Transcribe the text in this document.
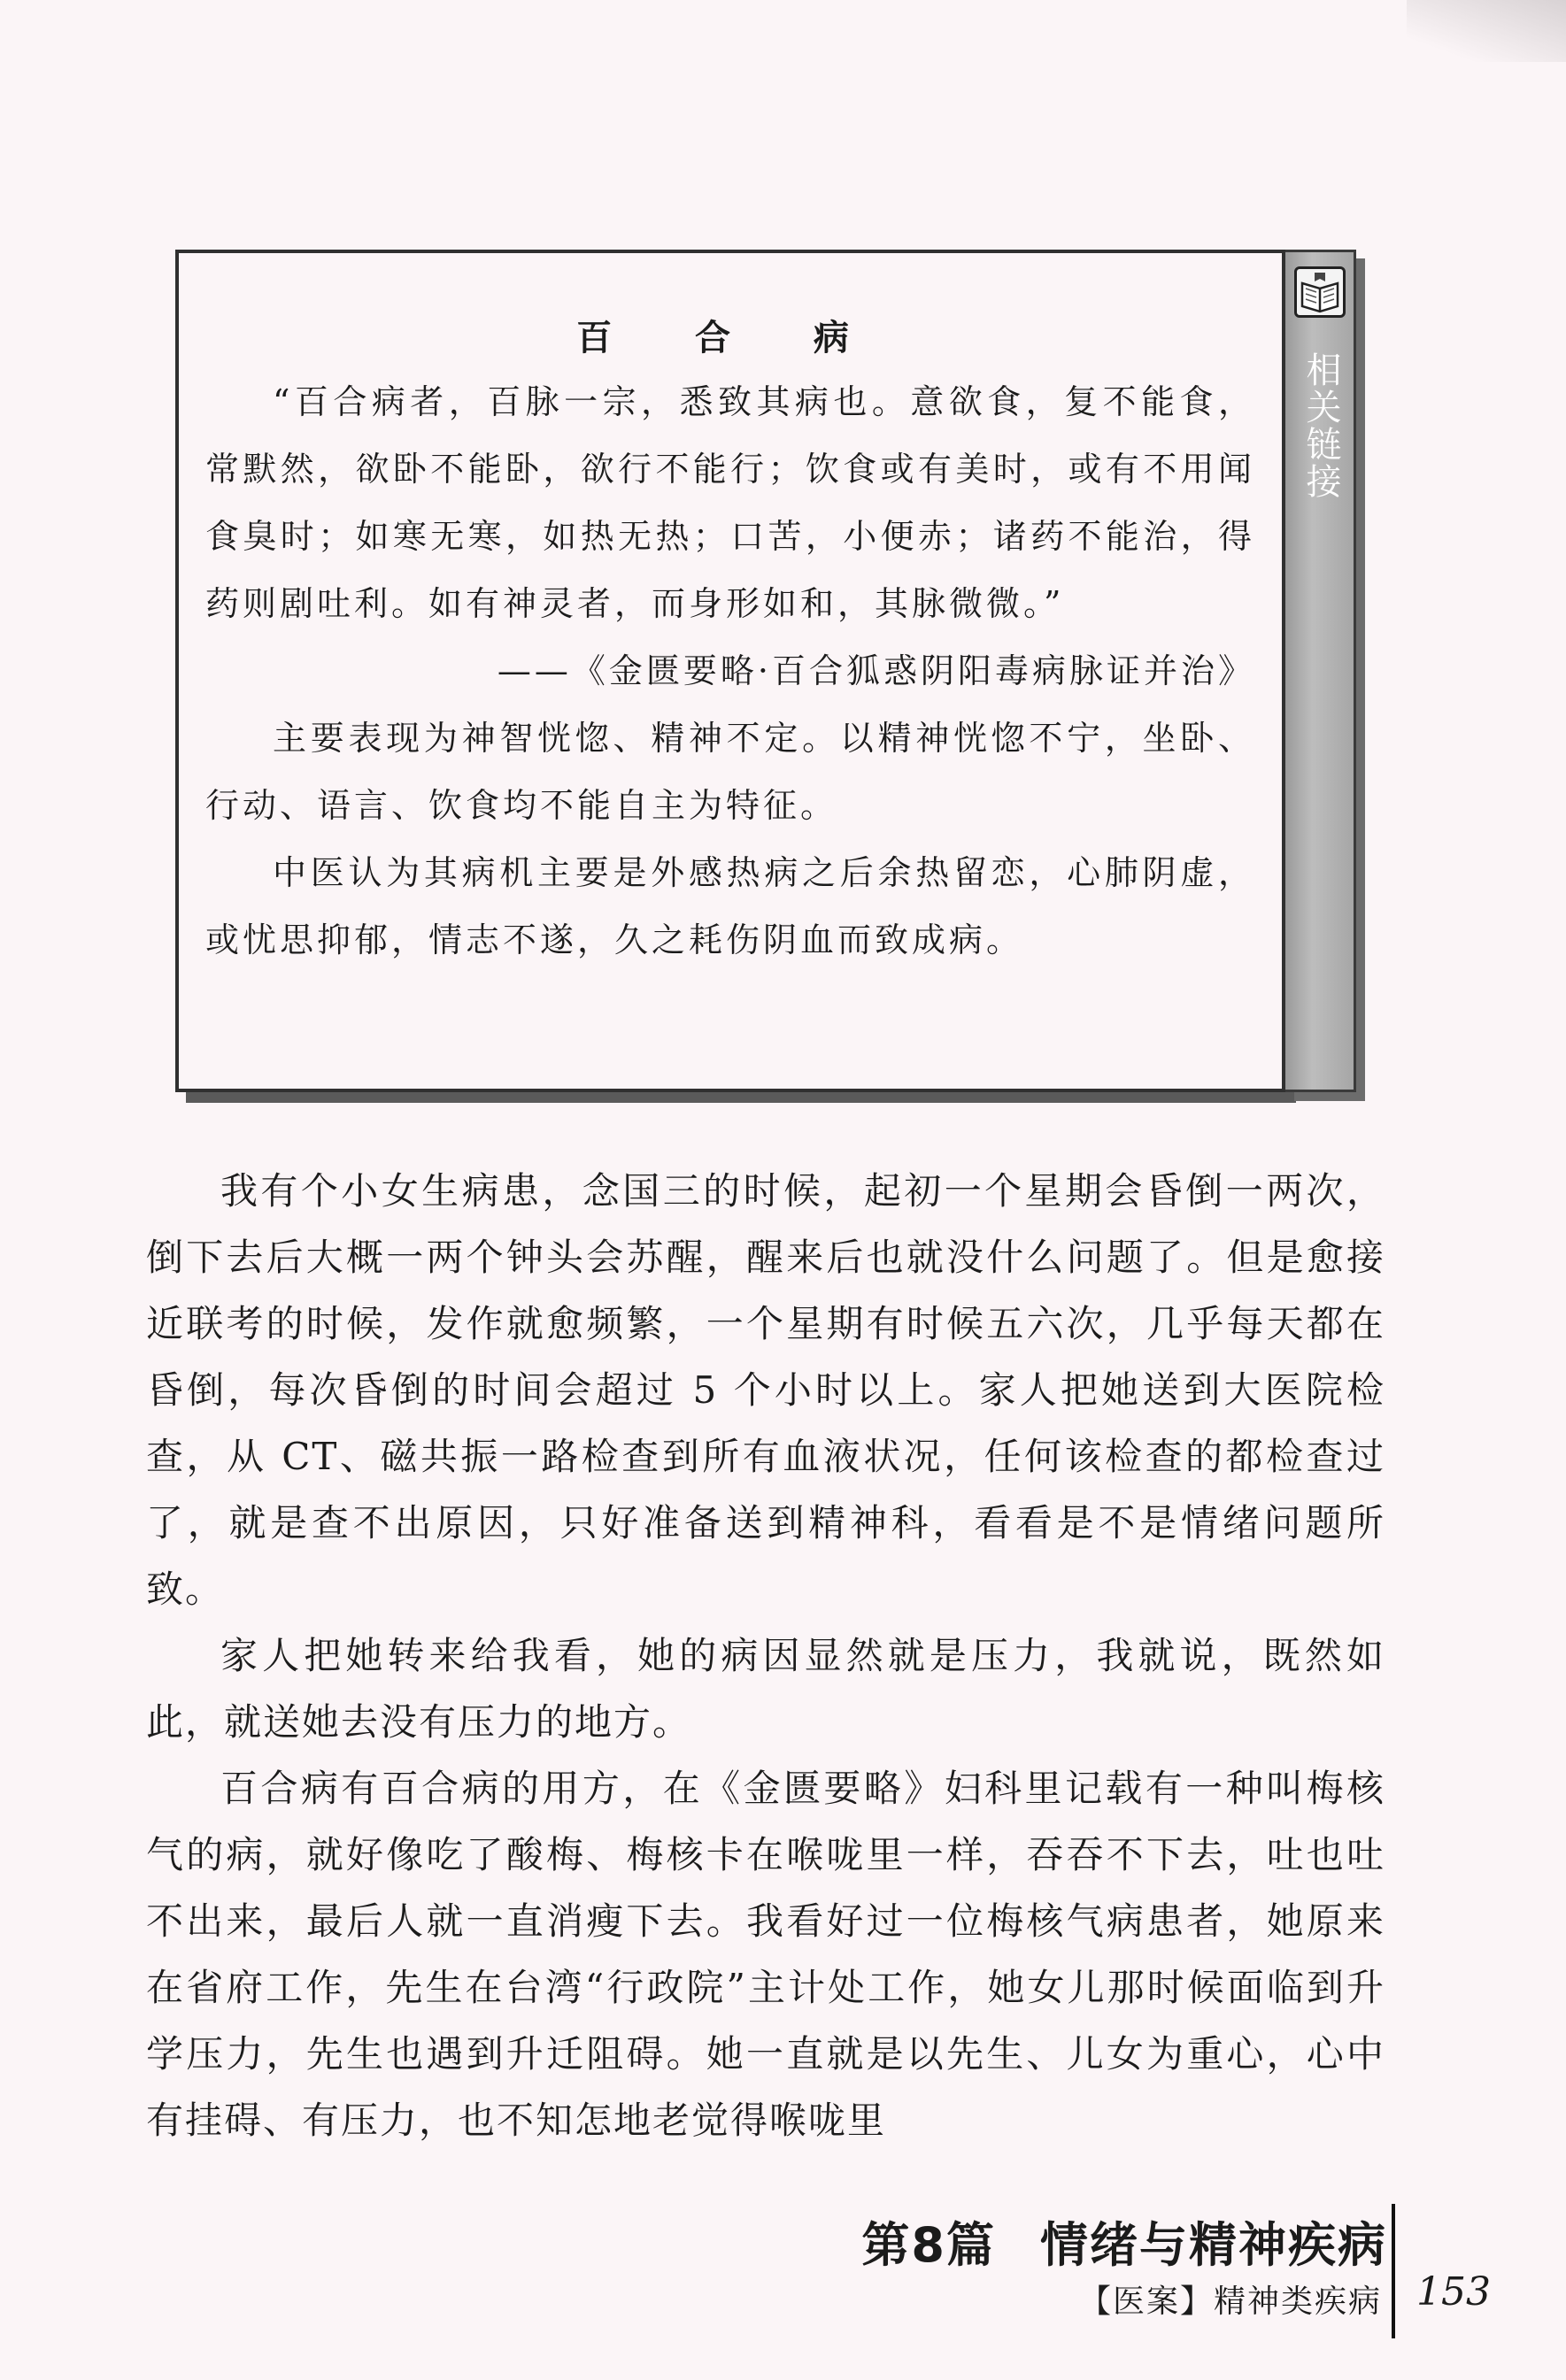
百 合 病

“百合病者，百脉一宗，悉致其病也。意欲食，复不能食，常默然，欲卧不能卧，欲行不能行；饮食或有美时，或有不用闻食臭时；如寒无寒，如热无热；口苦，小便赤；诸药不能治，得药则剧吐利。如有神灵者，而身形如和，其脉微微。”

——《金匮要略·百合狐惑阴阳毒病脉证并治》

主要表现为神智恍惚、精神不定。以精神恍惚不宁，坐卧、行动、语言、饮食均不能自主为特征。

中医认为其病机主要是外感热病之后余热留恋，心肺阴虚，或忧思抑郁，情志不遂，久之耗伤阴血而致成病。

相关链接

我有个小女生病患，念国三的时候，起初一个星期会昏倒一两次，倒下去后大概一两个钟头会苏醒，醒来后也就没什么问题了。但是愈接近联考的时候，发作就愈频繁，一个星期有时候五六次，几乎每天都在昏倒，每次昏倒的时间会超过 5 个小时以上。家人把她送到大医院检查，从 CT、磁共振一路检查到所有血液状况，任何该检查的都检查过了，就是查不出原因，只好准备送到精神科，看看是不是情绪问题所致。

家人把她转来给我看，她的病因显然就是压力，我就说，既然如此，就送她去没有压力的地方。

百合病有百合病的用方，在《金匮要略》妇科里记载有一种叫梅核气的病，就好像吃了酸梅、梅核卡在喉咙里一样，吞吞不下去，吐也吐不出来，最后人就一直消瘦下去。我看好过一位梅核气病患者，她原来在省府工作，先生在台湾“行政院”主计处工作，她女儿那时候面临到升学压力，先生也遇到升迁阻碍。她一直就是以先生、儿女为重心，心中有挂碍、有压力，也不知怎地老觉得喉咙里

第8篇 情绪与精神疾病
【医案】精神类疾病 153
